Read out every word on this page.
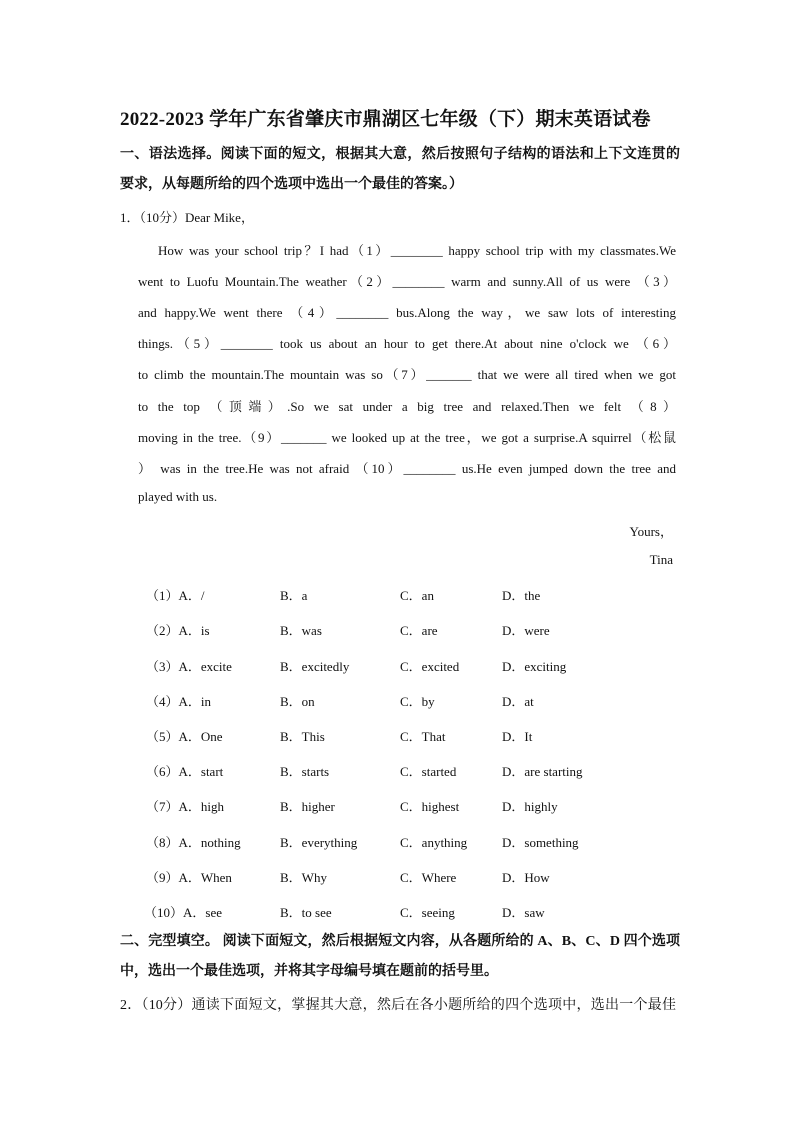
2022-2023 学年广东省肇庆市鼎湖区七年级（下）期末英语试卷
一、语法选择。阅读下面的短文，根据其大意，然后按照句子结构的语法和上下文连贯的
要求，从每题所给的四个选项中选出一个最佳的答案。）
1．（10分）Dear Mike，
How was your school trip？I had（1）________ happy school trip with my classmates.We
went to Luofu Mountain.The weather（2）________ warm and sunny.All of us were （3）
and happy.We went there （4）________ bus.Along the way，we saw lots of interesting
things.（5）________ took us about an hour to get there.At about nine o'clock we （6）
to climb the mountain.The mountain was so（7）_______ that we were all tired when we got
to the top （顶端）.So we sat under a big tree and relaxed.Then we felt （8）
moving in the tree.（9）_______ we looked up at the tree，we got a surprise.A squirrel（松鼠
） was in the tree.He was not afraid （10）________ us.He even jumped down the tree and
played with us.
Yours，
Tina
（1）A．/	B．a	C．an	D．the
（2）A．is	B．was	C．are	D．were
（3）A．excite	B．excitedly	C．excited	D．exciting
（4）A．in	B．on	C．by	D．at
（5）A．One	B．This	C．That	D．It
（6）A．start	B．starts	C．started	D．are starting
（7）A．high	B．higher	C．highest	D．highly
（8）A．nothing	B．everything	C．anything	D．something
（9）A．When	B．Why	C．Where	D．How
（10）A．see	B．to see	C．seeing	D．saw
二、完型填空。 阅读下面短文，然后根据短文内容，从各题所给的 A、B、C、D 四个选项
中，选出一个最佳选项，并将其字母编号填在题前的括号里。
2．（10分）通读下面短文，掌握其大意，然后在各小题所给的四个选项中，选出一个最佳
